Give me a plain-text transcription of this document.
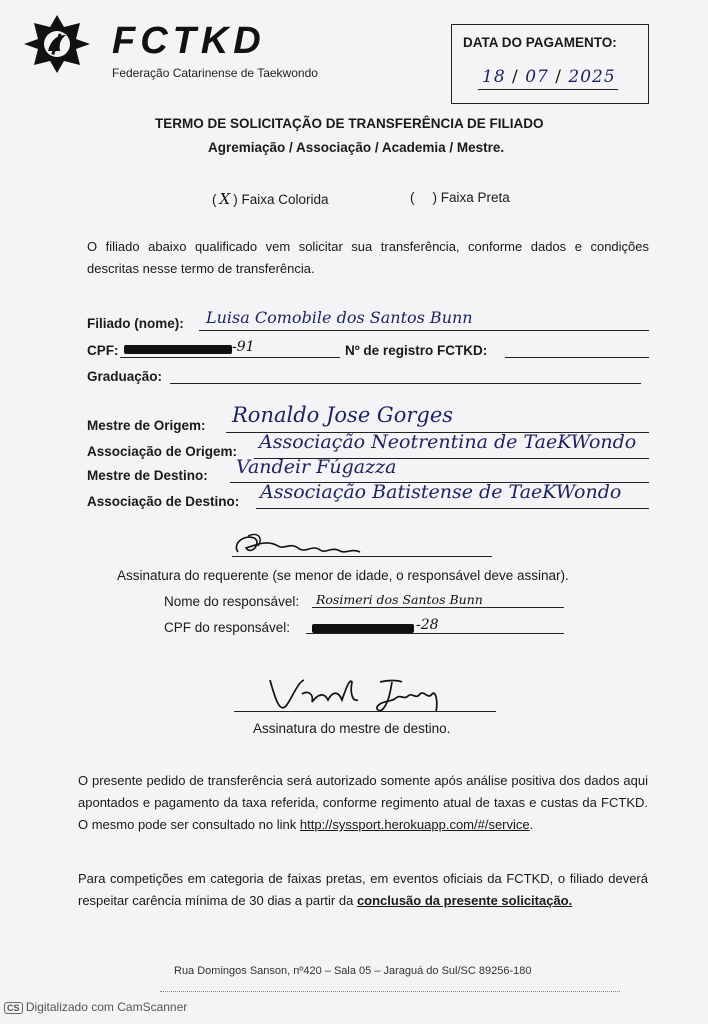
FCTKD
Federação Catarinense de Taekwondo
DATA DO PAGAMENTO:
18 / 07 / 2025
TERMO DE SOLICITAÇÃO DE TRANSFERÊNCIA DE FILIADO
Agremiação / Associação / Academia / Mestre.
( X ) Faixa Colorida	( ) Faixa Preta
O filiado abaixo qualificado vem solicitar sua transferência, conforme dados e condições descritas nesse termo de transferência.
Filiado (nome): Luisa Comobile dos Santos Bunn
CPF:	-91	Nº de registro FCTKD:
Graduação:
Mestre de Origem: Ronaldo Jose Gorges
Associação de Origem: Associação Neotrentina de TaeKWondo
Mestre de Destino: Vandeir Fúgazza
Associação de Destino: Associação Batistense de TaeKWondo
Assinatura do requerente (se menor de idade, o responsável deve assinar).
Nome do responsável: Rosimeri dos Santos Bunn
CPF do responsável:	-28
Assinatura do mestre de destino.
O presente pedido de transferência será autorizado somente após análise positiva dos dados aqui apontados e pagamento da taxa referida, conforme regimento atual de taxas e custas da FCTKD. O mesmo pode ser consultado no link http://syssport.herokuapp.com/#/service.
Para competições em categoria de faixas pretas, em eventos oficiais da FCTKD, o filiado deverá respeitar carência mínima de 30 dias a partir da conclusão da presente solicitação.
Rua Domingos Sanson, nº420 – Sala 05 – Jaraguá do Sul/SC 89256-180
CS Digitalizado com CamScanner
